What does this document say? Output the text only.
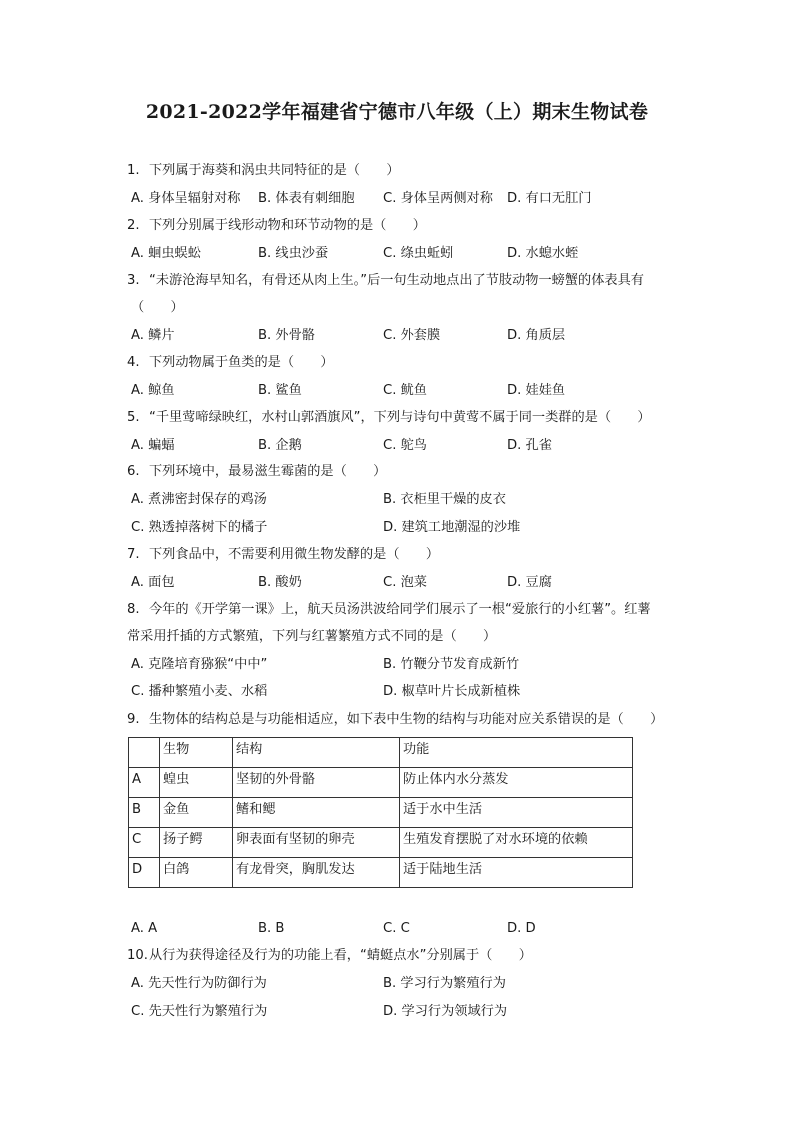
2021-2022学年福建省宁德市八年级（上）期末生物试卷
1. 下列属于海葵和涡虫共同特征的是（　　）
A. 身体呈辐射对称 B. 体表有刺细胞 C. 身体呈两侧对称 D. 有口无肛门
2. 下列分别属于线形动物和环节动物的是（　　）
A. 蛔虫蜈蚣	B. 线虫沙蚕	C. 绦虫蚯蚓	D. 水螅水蛭
3. “未游沧海早知名，有骨还从肉上生。”后一句生动地点出了节肢动物一螃蟹的体表具有
（　　）
A. 鳞片	B. 外骨骼	C. 外套膜	D. 角质层
4. 下列动物属于鱼类的是（　　）
A. 鲸鱼	B. 鲨鱼	C. 鱿鱼	D. 娃娃鱼
5. “千里莺啼绿映红，水村山郭酒旗风”，下列与诗句中黄莺不属于同一类群的是（　　）
A. 蝙蝠	B. 企鹅	C. 鸵鸟	D. 孔雀
6. 下列环境中，最易滋生霉菌的是（　　）
A. 煮沸密封保存的鸡汤	B. 衣柜里干燥的皮衣
C. 熟透掉落树下的橘子	D. 建筑工地潮湿的沙堆
7. 下列食品中，不需要利用微生物发酵的是（　　）
A. 面包	B. 酸奶	C. 泡菜	D. 豆腐
8. 今年的《开学第一课》上，航天员汤洪波给同学们展示了一根“爱旅行的小红薯”。红薯
常采用扦插的方式繁殖，下列与红薯繁殖方式不同的是（　　）
A. 克隆培育猕猴“中中”	B. 竹鞭分节发育成新竹
C. 播种繁殖小麦、水稻	D. 椒草叶片长成新植株
9. 生物体的结构总是与功能相适应，如下表中生物的结构与功能对应关系错误的是（　　）
	生物	结构	功能
A	蝗虫	坚韧的外骨骼	防止体内水分蒸发
B	金鱼	鳍和鳃	适于水中生活
C	扬子鳄	卵表面有坚韧的卵壳	生殖发育摆脱了对水环境的依赖
D	白鸽	有龙骨突，胸肌发达	适于陆地生活
A. A	B. B	C. C	D. D
10.从行为获得途径及行为的功能上看，“蜻蜓点水”分别属于（　　）
A. 先天性行为防御行为	B. 学习行为繁殖行为
C. 先天性行为繁殖行为	D. 学习行为领域行为
